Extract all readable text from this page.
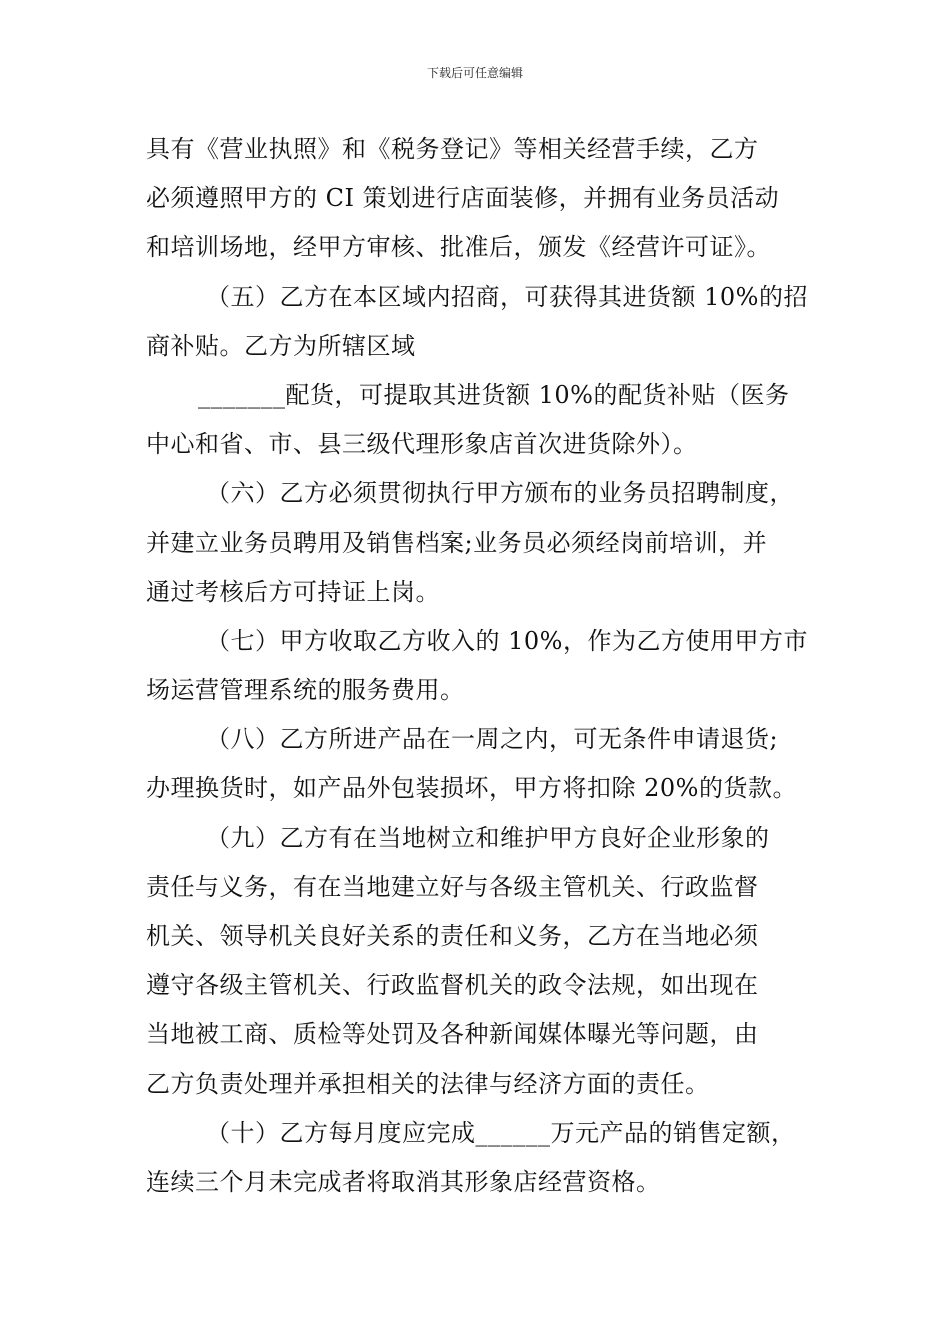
下载后可任意编辑
具有《营业执照》和《税务登记》等相关经营手续，乙方
必须遵照甲方的 CI 策划进行店面装修，并拥有业务员活动
和培训场地，经甲方审核、批准后，颁发《经营许可证》。
（五）乙方在本区域内招商，可获得其进货额 10%的招
商补贴。乙方为所辖区域
_______配货，可提取其进货额 10%的配货补贴（医务
中心和省、市、县三级代理形象店首次进货除外）。
（六）乙方必须贯彻执行甲方颁布的业务员招聘制度，
并建立业务员聘用及销售档案;业务员必须经岗前培训，并
通过考核后方可持证上岗。
（七）甲方收取乙方收入的 10%，作为乙方使用甲方市
场运营管理系统的服务费用。
（八）乙方所进产品在一周之内，可无条件申请退货;
办理换货时，如产品外包装损坏，甲方将扣除 20%的货款。
（九）乙方有在当地树立和维护甲方良好企业形象的
责任与义务，有在当地建立好与各级主管机关、行政监督
机关、领导机关良好关系的责任和义务，乙方在当地必须
遵守各级主管机关、行政监督机关的政令法规，如出现在
当地被工商、质检等处罚及各种新闻媒体曝光等问题，由
乙方负责处理并承担相关的法律与经济方面的责任。
（十）乙方每月度应完成______万元产品的销售定额，
连续三个月未完成者将取消其形象店经营资格。
